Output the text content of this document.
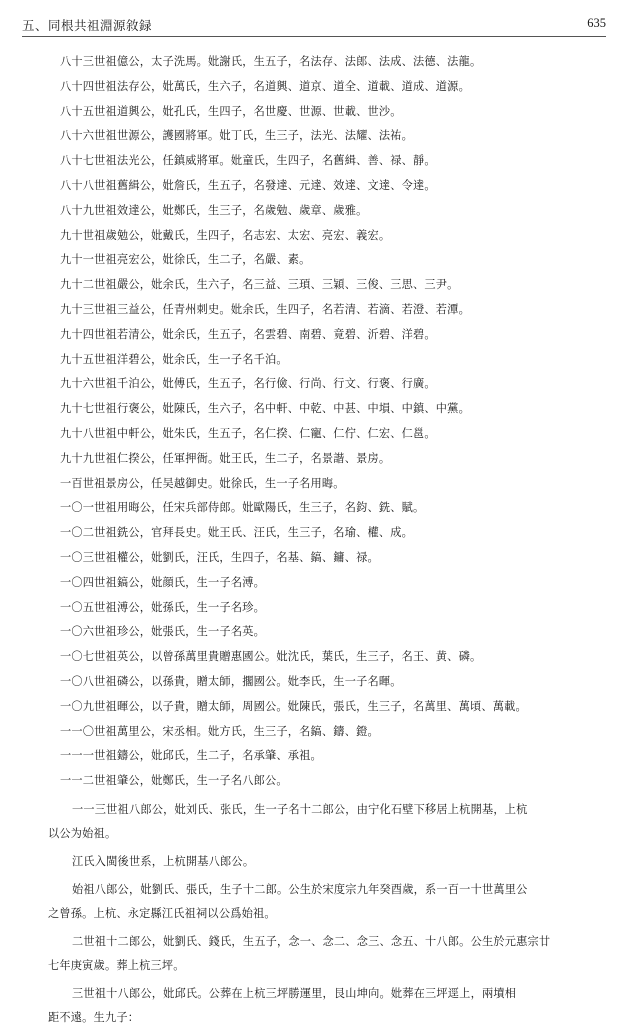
五、同根共祖淵源敘録	635
八十三世祖億公，太子洗馬。妣謝氏，生五子，名法存、法郎、法成、法德、法龍。
八十四世祖法存公，妣萬氏，生六子，名道興、道京、道全、道載、道成、道源。
八十五世祖道興公，妣孔氏，生四子，名世慶、世源、世載、世沙。
八十六世祖世源公，護國將軍。妣丁氏，生三子，法光、法耀、法祐。
八十七世祖法光公，任鎮威將軍。妣童氏，生四子，名舊緝、善、禄、靜。
八十八世祖舊緝公，妣詹氏，生五子，名發達、元達、效達、文達、令達。
八十九世祖效達公，妣鄭氏，生三子，名歲勉、歲章、歲雅。
九十世祖歲勉公，妣戴氏，生四子，名志宏、太宏、亮宏、義宏。
九十一世祖亮宏公，妣徐氏，生二子，名嚴、素。
九十二世祖嚴公，妣余氏，生六子，名三益、三頊、三穎、三俊、三思、三尹。
九十三世祖三益公，任青州刺史。妣余氏，生四子，名若清、若滴、若澄、若潭。
九十四世祖若清公，妣余氏，生五子，名雲碧、南碧、竟碧、沂碧、洋碧。
九十五世祖洋碧公，妣余氏，生一子名千泊。
九十六世祖千泊公，妣傅氏，生五子，名行儉、行尚、行文、行褒、行廣。
九十七世祖行褒公，妣陳氏，生六子，名中軒、中乾、中甚、中塤、中鎮、中黨。
九十八世祖中軒公，妣朱氏，生五子，名仁揆、仁寵、仁佇、仁宏、仁邕。
九十九世祖仁揆公，任軍押衙。妣王氏，生二子，名景諧、景房。
一百世祖景房公，任吴越御史。妣徐氏，生一子名用晦。
一〇一世祖用晦公，任宋兵部侍郎。妣歐陽氏，生三子，名鈞、銑、賦。
一〇二世祖銑公，官拜長史。妣王氏、汪氏，生三子，名瑜、權、成。
一〇三世祖權公，妣劉氏，汪氏，生四子，名基、鎬、鏞、禄。
一〇四世祖鎬公，妣顔氏，生一子名溥。
一〇五世祖溥公，妣孫氏，生一子名珍。
一〇六世祖珍公，妣張氏，生一子名英。
一〇七世祖英公，以曾孫萬里貴贈惠國公。妣沈氏，葉氏，生三子，名王、黄、磷。
一〇八世祖磷公，以孫貴，贈太師，擱國公。妣李氏，生一子名暉。
一〇九世祖暉公，以子貴，贈太師，周國公。妣陳氏，張氏，生三子，名萬里、萬頃、萬載。
一一〇世祖萬里公，宋丞相。妣方氏，生三子，名鎬、鑄、鐙。
一一一世祖鑄公，妣邱氏，生二子，名承肇、承祖。
一一二世祖肇公，妣鄭氏，生一子名八郎公。
一一三世祖八郎公，妣刘氏、张氏，生一子名十二郎公，由宁化石壁下移居上杭開基，上杭
以公为始祖。
江氏入閩後世系，上杭開基八郎公。
始祖八郎公，妣劉氏、張氏，生子十二郎。公生於宋度宗九年癸酉歲，系一百一十世萬里公
之曾孫。上杭、永定縣江氏祖祠以公爲始祖。
二世祖十二郎公，妣劉氏、錢氏，生五子，念一、念二、念三、念五、十八郎。公生於元惠宗廿
七年庚寅歲。葬上杭三坪。
三世祖十八郎公，妣邱氏。公葬在上杭三坪勝運里，艮山坤向。妣葬在三坪逕上，兩墳相
距不遠。生九子：
